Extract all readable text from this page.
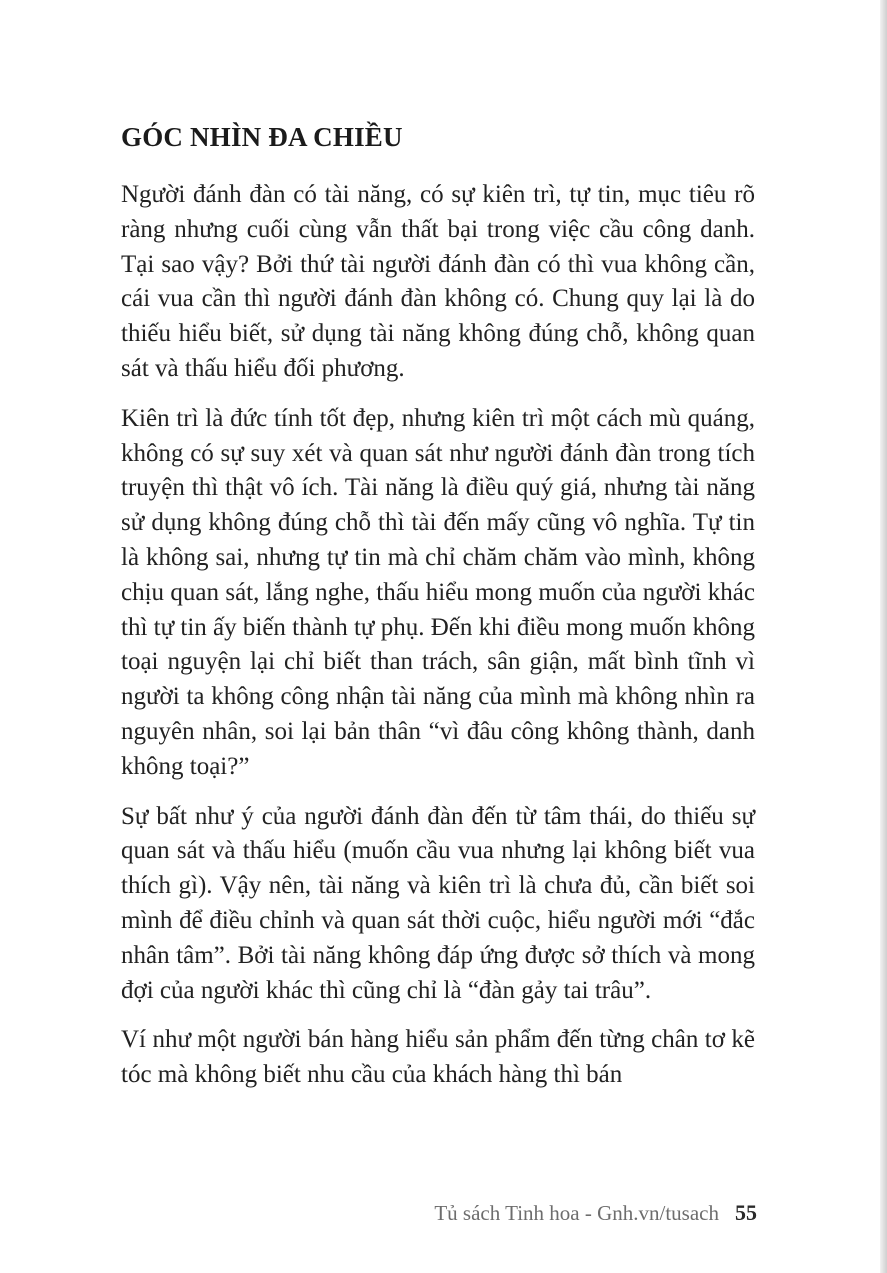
GÓC NHÌN ĐA CHIỀU

Người đánh đàn có tài năng, có sự kiên trì, tự tin, mục tiêu rõ ràng nhưng cuối cùng vẫn thất bại trong việc cầu công danh. Tại sao vậy? Bởi thứ tài người đánh đàn có thì vua không cần, cái vua cần thì người đánh đàn không có. Chung quy lại là do thiếu hiểu biết, sử dụng tài năng không đúng chỗ, không quan sát và thấu hiểu đối phương.

Kiên trì là đức tính tốt đẹp, nhưng kiên trì một cách mù quáng, không có sự suy xét và quan sát như người đánh đàn trong tích truyện thì thật vô ích. Tài năng là điều quý giá, nhưng tài năng sử dụng không đúng chỗ thì tài đến mấy cũng vô nghĩa. Tự tin là không sai, nhưng tự tin mà chỉ chăm chăm vào mình, không chịu quan sát, lắng nghe, thấu hiểu mong muốn của người khác thì tự tin ấy biến thành tự phụ. Đến khi điều mong muốn không toại nguyện lại chỉ biết than trách, sân giận, mất bình tĩnh vì người ta không công nhận tài năng của mình mà không nhìn ra nguyên nhân, soi lại bản thân “vì đâu công không thành, danh không toại?”

Sự bất như ý của người đánh đàn đến từ tâm thái, do thiếu sự quan sát và thấu hiểu (muốn cầu vua nhưng lại không biết vua thích gì). Vậy nên, tài năng và kiên trì là chưa đủ, cần biết soi mình để điều chỉnh và quan sát thời cuộc, hiểu người mới “đắc nhân tâm”. Bởi tài năng không đáp ứng được sở thích và mong đợi của người khác thì cũng chỉ là “đàn gảy tai trâu”.

Ví như một người bán hàng hiểu sản phẩm đến từng chân tơ kẽ tóc mà không biết nhu cầu của khách hàng thì bán

Tủ sách Tinh hoa - Gnh.vn/tusach 55
